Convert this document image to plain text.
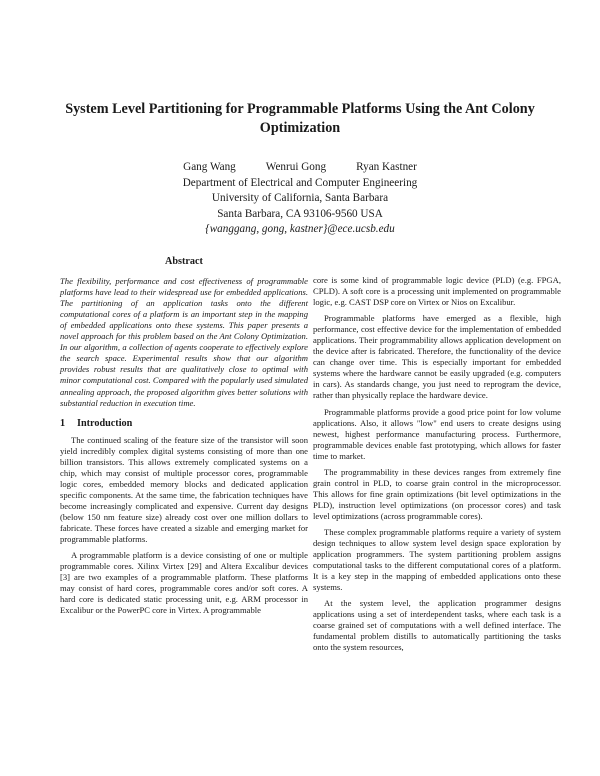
System Level Partitioning for Programmable Platforms Using the Ant Colony Optimization
Gang Wang	Wenrui Gong	Ryan Kastner
Department of Electrical and Computer Engineering
University of California, Santa Barbara
Santa Barbara, CA 93106-9560 USA
{wanggang, gong, kastner}@ece.ucsb.edu
Abstract

The flexibility, performance and cost effectiveness of programmable platforms have lead to their widespread use for embedded applications. The partitioning of an application tasks onto the different computational cores of a platform is an important step in the mapping of embedded applications onto these systems. This paper presents a novel approach for this problem based on the Ant Colony Optimization. In our algorithm, a collection of agents cooperate to effectively explore the search space. Experimental results show that our algorithm provides robust results that are qualitatively close to optimal with minor computational cost. Compared with the popularly used simulated annealing approach, the proposed algorithm gives better solutions with substantial reduction in execution time.

1 Introduction

The continued scaling of the feature size of the transistor will soon yield incredibly complex digital systems consisting of more than one billion transistors. This allows extremely complicated systems on a chip, which may consist of multiple processor cores, programmable logic cores, embedded memory blocks and dedicated application specific components. At the same time, the fabrication techniques have become increasingly complicated and expensive. Current day designs (below 150 nm feature size) already cost over one million dollars to fabricate. These forces have created a sizable and emerging market for programmable platforms.

A programmable platform is a device consisting of one or multiple programmable cores. Xilinx Virtex [29] and Altera Excalibur devices [3] are two examples of a programmable platform. These platforms may consist of hard cores, programmable cores and/or soft cores. A hard core is dedicated static processing unit, e.g. ARM processor in Excalibur or the PowerPC core in Virtex. A programmable

core is some kind of programmable logic device (PLD) (e.g. FPGA, CPLD). A soft core is a processing unit implemented on programmable logic, e.g. CAST DSP core on Virtex or Nios on Excalibur.

Programmable platforms have emerged as a flexible, high performance, cost effective device for the implementation of embedded applications. Their programmability allows application development on the device after is fabricated. Therefore, the functionality of the device can change over time. This is especially important for embedded systems where the hardware cannot be easily upgraded (e.g. computers in cars). As standards change, you just need to reprogram the device, rather than physically replace the hardware device.

Programmable platforms provide a good price point for low volume applications. Also, it allows "low" end users to create designs using newest, highest performance manufacturing process. Furthermore, programmable devices enable fast prototyping, which allows for faster time to market.

The programmability in these devices ranges from extremely fine grain control in PLD, to coarse grain control in the microprocessor. This allows for fine grain optimizations (bit level optimizations in the PLD), instruction level optimizations (on processor cores) and task level optimizations (across programmable cores).

These complex programmable platforms require a variety of system design techniques to allow system level design space exploration by application programmers. The system partitioning problem assigns computational tasks to the different computational cores of a platform. It is a key step in the mapping of embedded applications onto these systems.

At the system level, the application programmer designs applications using a set of interdependent tasks, where each task is a coarse grained set of computations with a well defined interface. The fundamental problem distills to automatically partitioning the tasks onto the system resources,
